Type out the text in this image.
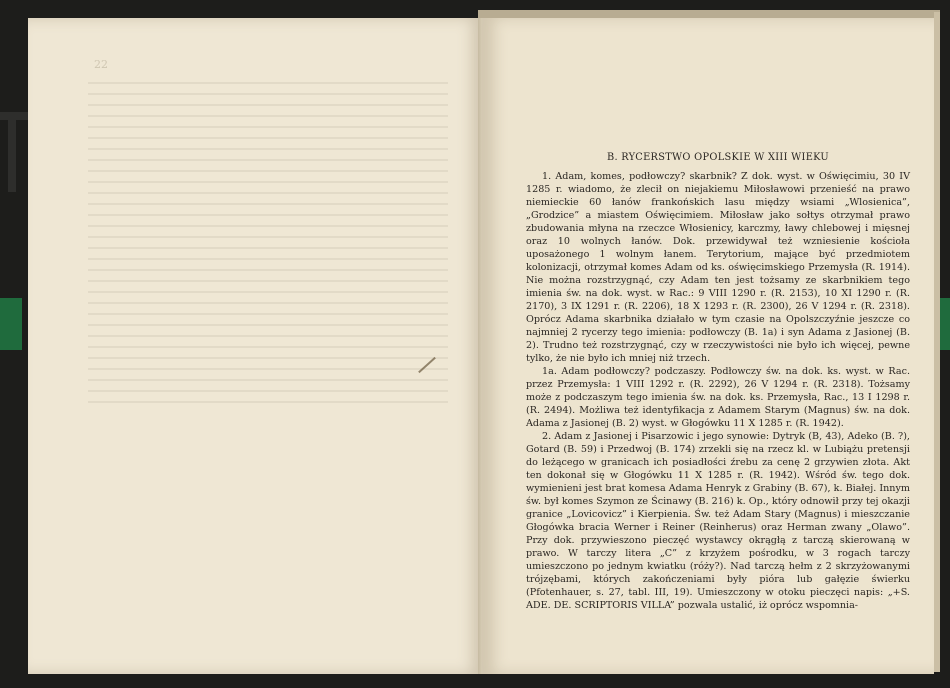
22
B. RYCERSTWO OPOLSKIE W XIII WIEKU

1. Adam, komes, podłowczy? skarbnik? Z dok. wyst. w Oświęcimiu, 30 IV 1285 r. wiadomo, że zlecił on niejakiemu Miłosławowi przenieść na prawo niemieckie 60 łanów frankońskich lasu między wsiami „Wlosienica”, „Grodzice” a miastem Oświęcimiem. Miłosław jako sołtys otrzymał prawo zbudowania młyna na rzeczce Włosienicy, karczmy, ławy chlebowej i mięsnej oraz 10 wolnych łanów. Dok. przewidywał też wzniesienie kościoła uposażonego 1 wolnym łanem. Terytorium, mające być przedmiotem kolonizacji, otrzymał komes Adam od ks. oświęcimskiego Przemysła (R. 1914). Nie można rozstrzygnąć, czy Adam ten jest tożsamy ze skarbnikiem tego imienia św. na dok. wyst. w Rac.: 9 VIII 1290 r. (R. 2153), 10 XI 1290 r. (R. 2170), 3 IX 1291 r. (R. 2206), 18 X 1293 r. (R. 2300), 26 V 1294 r. (R. 2318). Oprócz Adama skarbnika działało w tym czasie na Opolszczyźnie jeszcze co najmniej 2 rycerzy tego imienia: podłowczy (B. 1a) i syn Adama z Jasionej (B. 2). Trudno też rozstrzygnąć, czy w rzeczywistości nie było ich więcej, pewne tylko, że nie było ich mniej niż trzech.

1a. Adam podłowczy? podczaszy. Podłowczy św. na dok. ks. wyst. w Rac. przez Przemysła: 1 VIII 1292 r. (R. 2292), 26 V 1294 r. (R. 2318). Tożsamy może z podczaszym tego imienia św. na dok. ks. Przemysła, Rac., 13 I 1298 r. (R. 2494). Możliwa też identyfikacja z Adamem Starym (Magnus) św. na dok. Adama z Jasionej (B. 2) wyst. w Głogówku 11 X 1285 r. (R. 1942).

2. Adam z Jasionej i Pisarzowic i jego synowie: Dytryk (B, 43), Adeko (B. ?), Gotard (B. 59) i Przedwoj (B. 174) zrzekli się na rzecz kl. w Lubiążu pretensji do leżącego w granicach ich posiadłości źrebu za cenę 2 grzywien złota. Akt ten dokonał się w Głogówku 11 X 1285 r. (R. 1942). Wśród św. tego dok. wymienieni jest brat komesa Adama Henryk z Grabiny (B. 67), k. Białej. Innym św. był komes Szymon ze Ścinawy (B. 216) k. Op., który odnowił przy tej okazji granice „Lovicovicz” i Kierpienia. Św. też Adam Stary (Magnus) i mieszczanie Głogówka bracia Werner i Reiner (Reinherus) oraz Herman zwany „Olawo”. Przy dok. przywieszono pieczęć wystawcy okrągłą z tarczą skierowaną w prawo. W tarczy litera „C” z krzyżem pośrodku, w 3 rogach tarczy umieszczono po jednym kwiatku (róży?). Nad tarczą hełm z 2 skrzyżowanymi trójzębami, których zakończeniami były pióra lub gałęzie świerku (Pfotenhauer, s. 27, tabl. III, 19). Umieszczony w otoku pieczęci napis: „+S. ADE. DE. SCRIPTORIS VILLA” pozwala ustalić, iż oprócz wspomnia-
